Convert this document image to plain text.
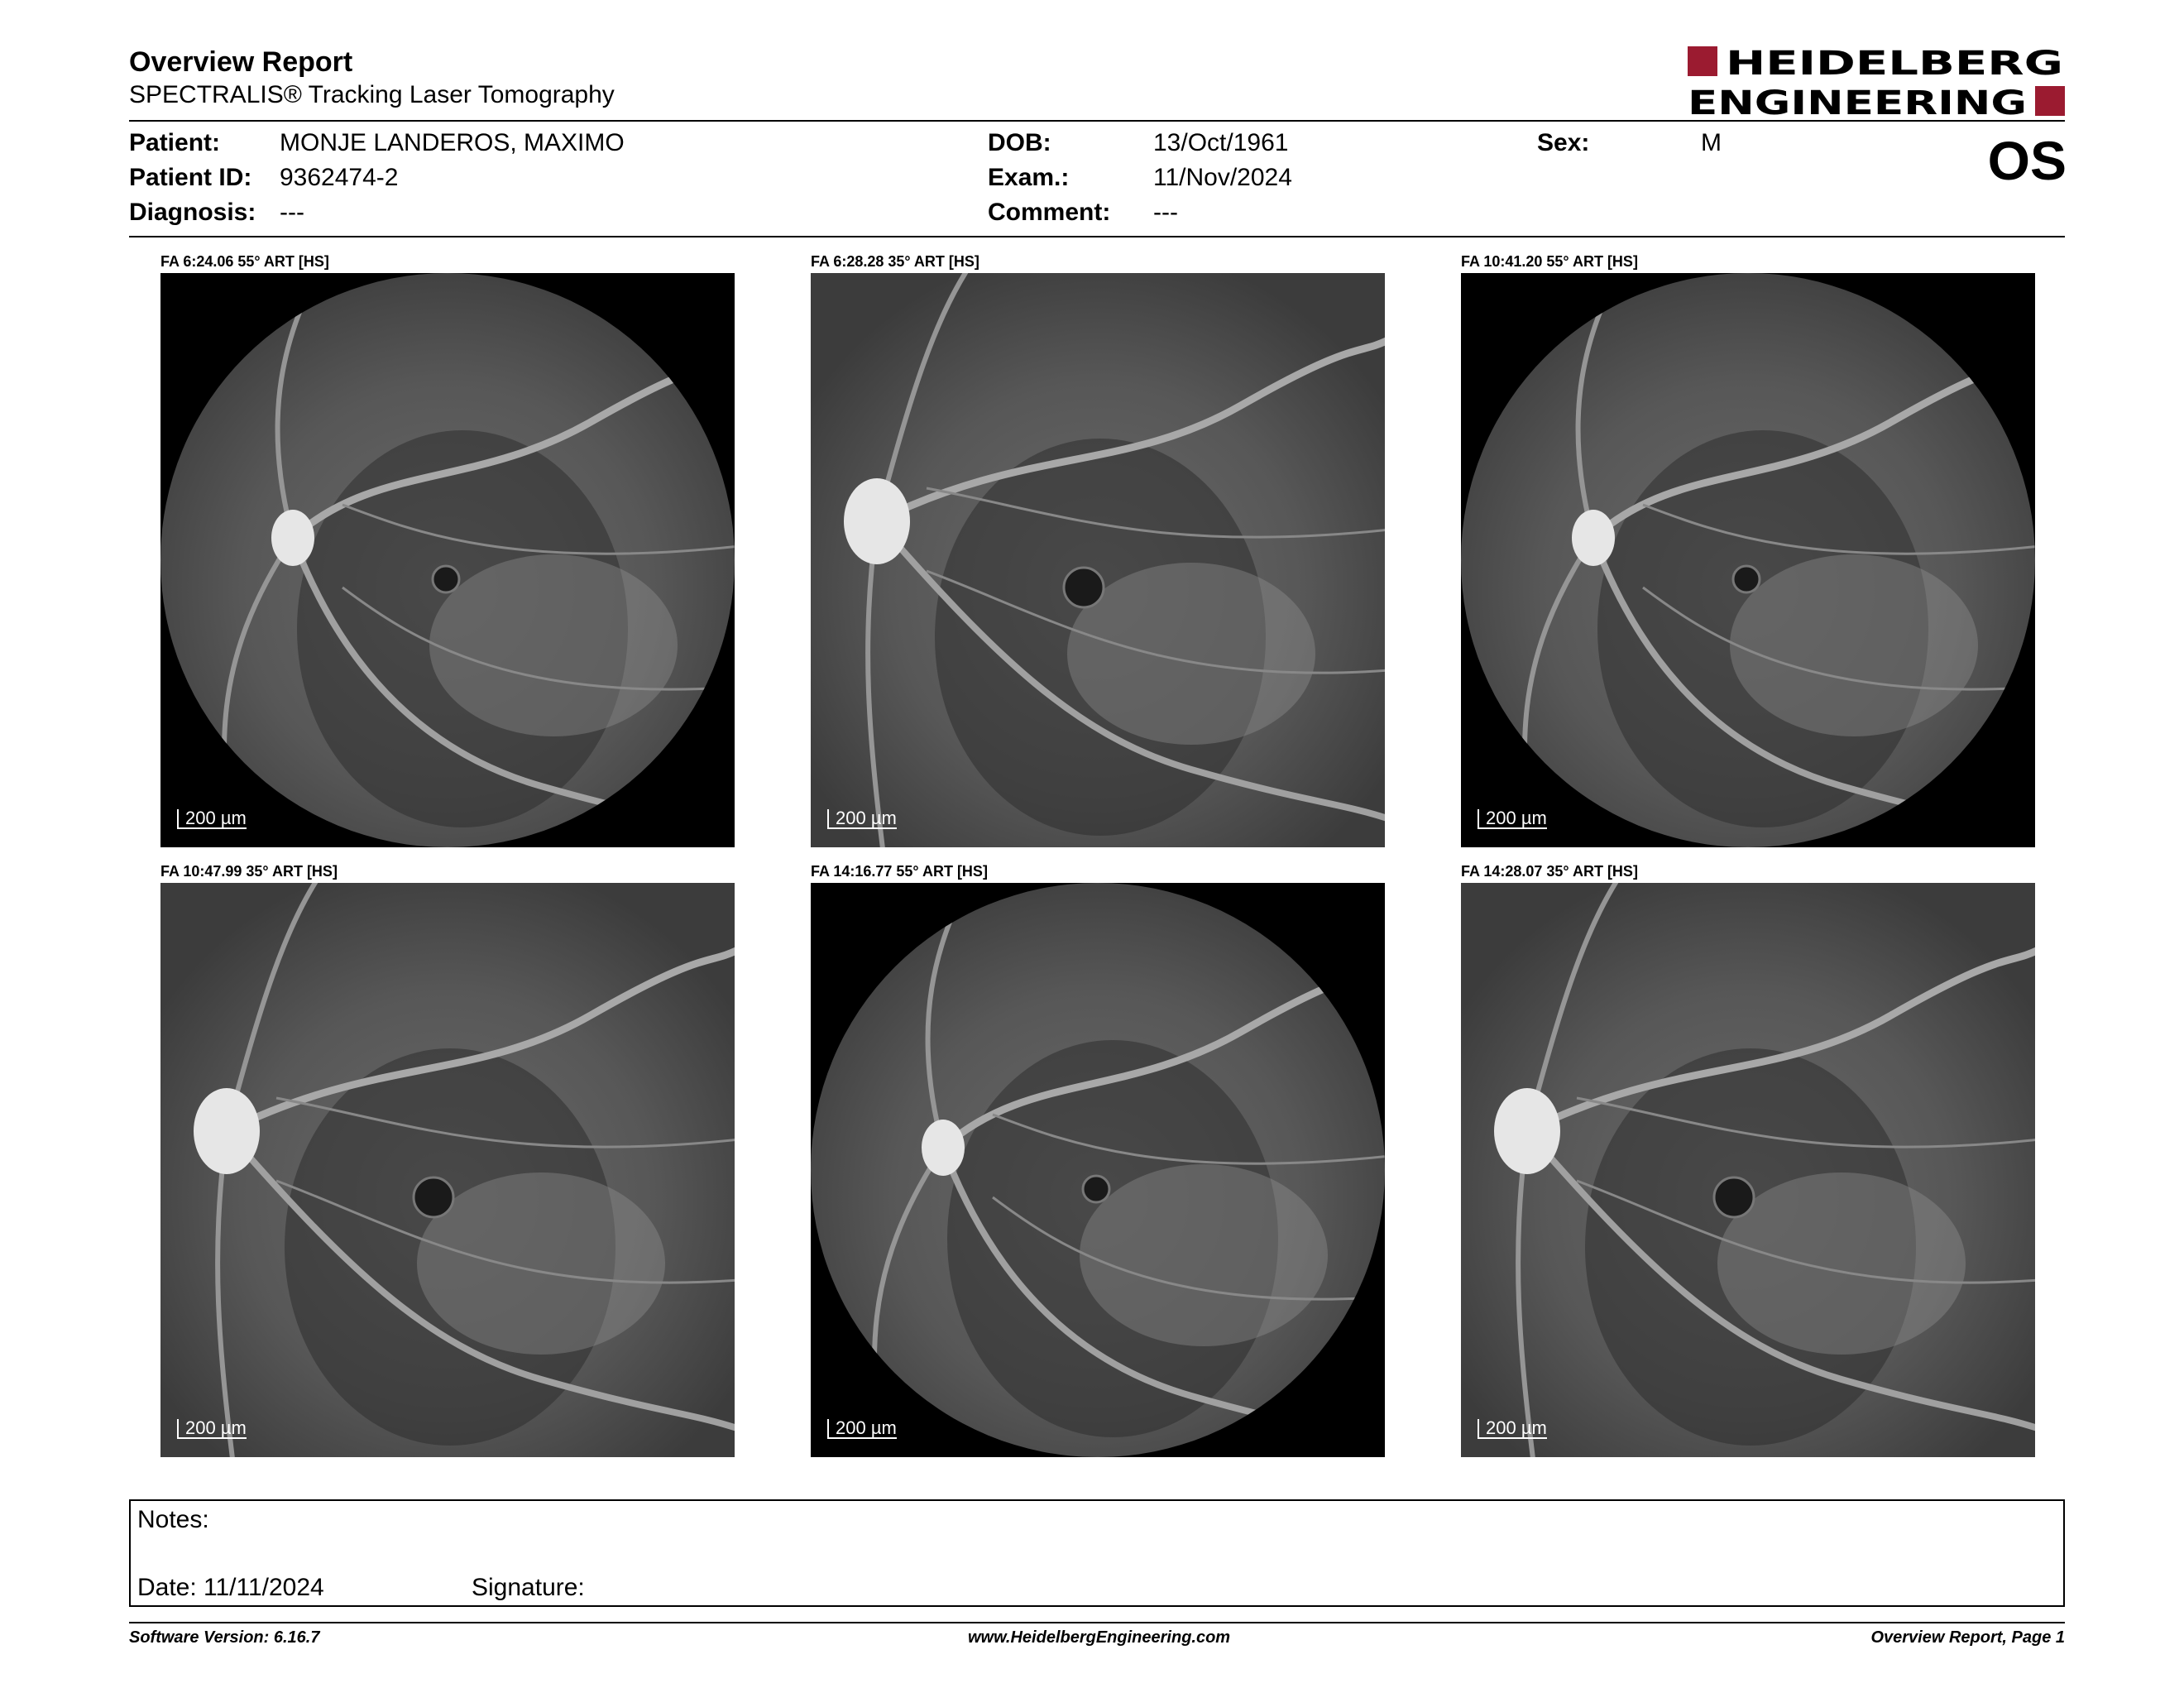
Overview Report
SPECTRALIS® Tracking Laser Tomography
HEIDELBERG
ENGINEERING
Patient: MONJE LANDEROS, MAXIMO
Patient ID: 9362474-2
Diagnosis: ---
DOB:	13/Oct/1961
Exam.:	11/Nov/2024
Comment: ---
Sex:	M	OS
FA 6:24.06 55° ART [HS]
200 µm
FA 6:28.28 35° ART [HS]
200 µm
FA 10:41.20 55° ART [HS]
200 µm
FA 10:47.99 35° ART [HS]
200 µm
FA 14:16.77 55° ART [HS]
200 µm
FA 14:28.07 35° ART [HS]
200 µm
Notes:
Date: 11/11/2024	Signature:
Software Version: 6.16.7	www.HeidelbergEngineering.com	Overview Report, Page 1
